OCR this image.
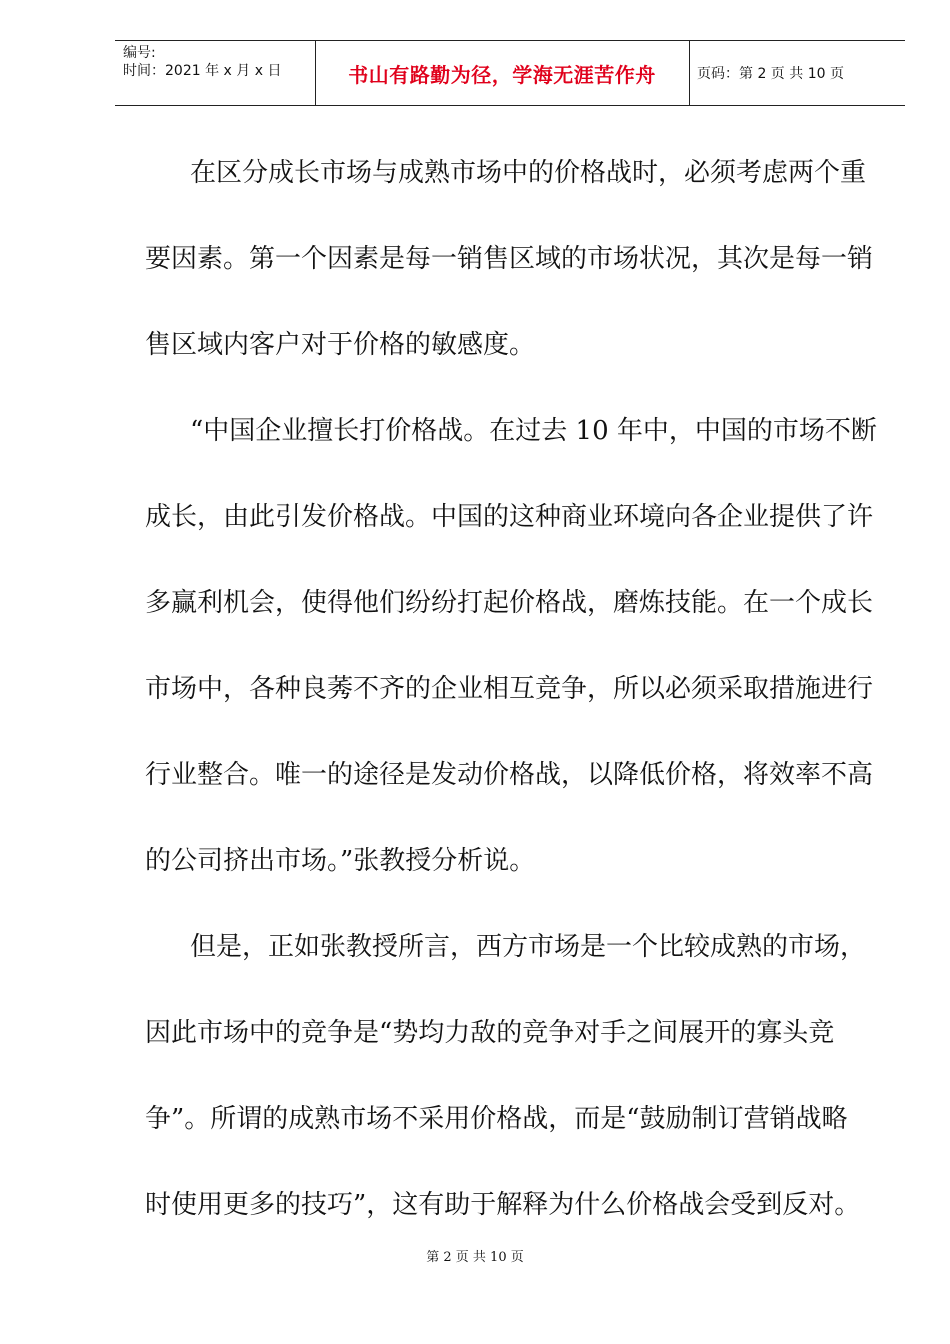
编号:
时间：2021 年 x 月 x 日	书山有路勤为径，学海无涯苦作舟	页码：第 2 页 共 10 页
在区分成长市场与成熟市场中的价格战时，必须考虑两个重
要因素。第一个因素是每一销售区域的市场状况，其次是每一销
售区域内客户对于价格的敏感度。
“中国企业擅长打价格战。在过去 10 年中，中国的市场不断
成长，由此引发价格战。中国的这种商业环境向各企业提供了许
多赢利机会，使得他们纷纷打起价格战，磨炼技能。在一个成长
市场中，各种良莠不齐的企业相互竞争，所以必须采取措施进行
行业整合。唯一的途径是发动价格战，以降低价格，将效率不高
的公司挤出市场。”张教授分析说。
但是，正如张教授所言，西方市场是一个比较成熟的市场，
因此市场中的竞争是“势均力敌的竞争对手之间展开的寡头竞
争”。所谓的成熟市场不采用价格战，而是“鼓励制订营销战略
时使用更多的技巧”，这有助于解释为什么价格战会受到反对。
第 2 页 共 10 页
